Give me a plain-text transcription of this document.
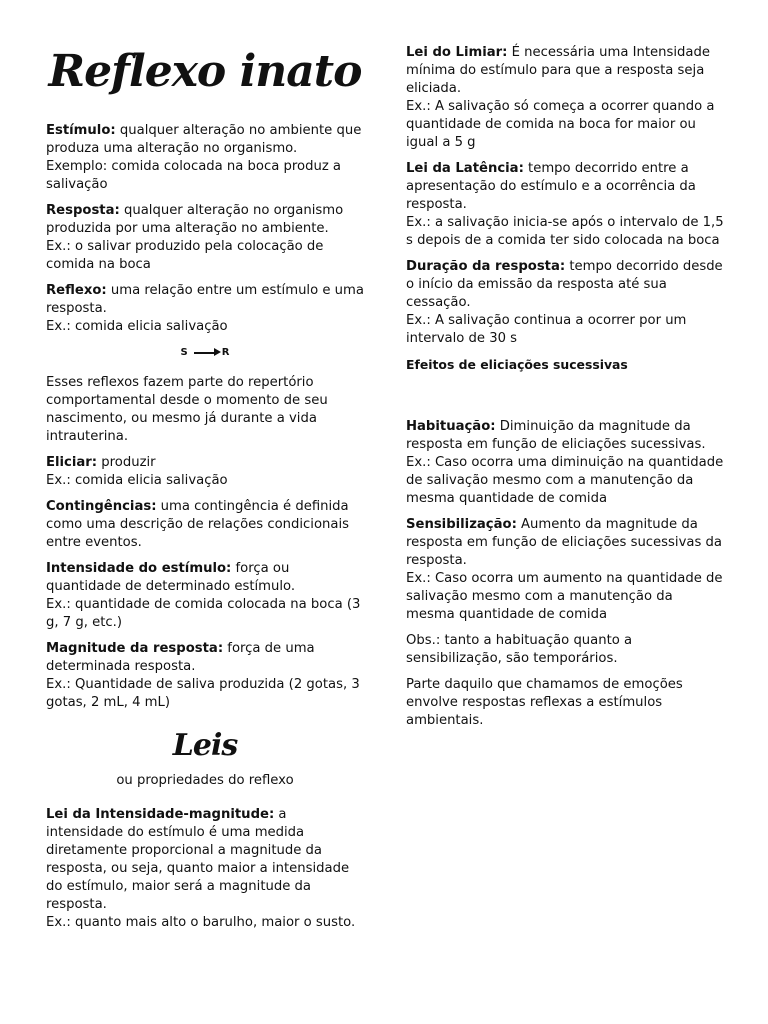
Reflexo inato

Estímulo: qualquer alteração no ambiente que produza uma alteração no organismo.

Exemplo: comida colocada na boca produz a salivação

Resposta: qualquer alteração no organismo produzida por uma alteração no ambiente.

Ex.: o salivar produzido pela colocação de comida na boca

Reflexo: uma relação entre um estímulo e uma resposta.

Ex.: comida elicia salivação

S	R

Esses reflexos fazem parte do repertório comportamental desde o momento de seu nascimento, ou mesmo já durante a vida intrauterina.

Eliciar: produzir

Ex.: comida elicia salivação

Contingências: uma contingência é definida como uma descrição de relações condicionais entre eventos.

Intensidade do estímulo: força ou quantidade de determinado estímulo.

Ex.: quantidade de comida colocada na boca (3 g, 7 g, etc.)

Magnitude da resposta: força de uma determinada resposta.

Ex.: Quantidade de saliva produzida (2 gotas, 3 gotas, 2 mL, 4 mL)

Leis
ou propriedades do reflexo

Lei da Intensidade-magnitude: a intensidade do estímulo é uma medida diretamente proporcional a magnitude da resposta, ou seja, quanto maior a intensidade do estímulo, maior será a magnitude da resposta.

Ex.: quanto mais alto o barulho, maior o susto.

Lei do Limiar: É necessária uma Intensidade mínima do estímulo para que a resposta seja eliciada.

Ex.: A salivação só começa a ocorrer quando a quantidade de comida na boca for maior ou igual a 5 g

Lei da Latência: tempo decorrido entre a apresentação do estímulo e a ocorrência da resposta.

Ex.: a salivação inicia-se após o intervalo de 1,5 s depois de a comida ter sido colocada na boca

Duração da resposta: tempo decorrido desde o início da emissão da resposta até sua cessação.

Ex.: A salivação continua a ocorrer por um intervalo de 30 s

Efeitos de eliciações sucessivas

Habituação: Diminuição da magnitude da resposta em função de eliciações sucessivas.

Ex.: Caso ocorra uma diminuição na quantidade de salivação mesmo com a manutenção da mesma quantidade de comida

Sensibilização: Aumento da magnitude da resposta em função de eliciações sucessivas da resposta.

Ex.: Caso ocorra um aumento na quantidade de salivação mesmo com a manutenção da mesma quantidade de comida

Obs.: tanto a habituação quanto a sensibilização, são temporários.

Parte daquilo que chamamos de emoções envolve respostas reflexas a estímulos ambientais.
